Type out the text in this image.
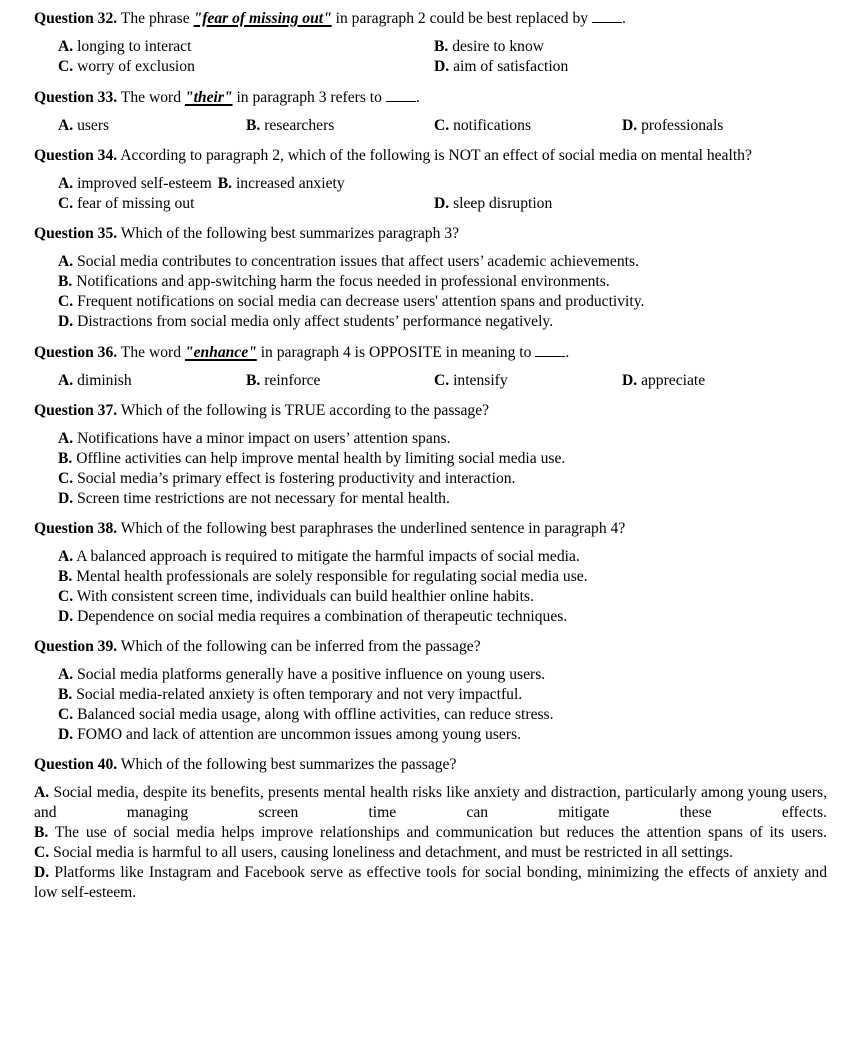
Question 32. The phrase "fear of missing out" in paragraph 2 could be best replaced by .

A. longing to interact	B. desire to know
C. worry of exclusion	D. aim of satisfaction

Question 33. The word "their" in paragraph 3 refers to .

A. users	B. researchers	C. notifications	D. professionals

Question 34. According to paragraph 2, which of the following is NOT an effect of social media on mental health?

A. improved self-esteem B. increased anxiety
C. fear of missing out	D. sleep disruption

Question 35. Which of the following best summarizes paragraph 3?

A. Social media contributes to concentration issues that affect users’ academic achievements.
B. Notifications and app-switching harm the focus needed in professional environments.
C. Frequent notifications on social media can decrease users' attention spans and productivity.
D. Distractions from social media only affect students’ performance negatively.

Question 36. The word "enhance" in paragraph 4 is OPPOSITE in meaning to .

A. diminish	B. reinforce	C. intensify	D. appreciate

Question 37. Which of the following is TRUE according to the passage?

A. Notifications have a minor impact on users’ attention spans.
B. Offline activities can help improve mental health by limiting social media use.
C. Social media’s primary effect is fostering productivity and interaction.
D. Screen time restrictions are not necessary for mental health.

Question 38. Which of the following best paraphrases the underlined sentence in paragraph 4?

A. A balanced approach is required to mitigate the harmful impacts of social media.
B. Mental health professionals are solely responsible for regulating social media use.
C. With consistent screen time, individuals can build healthier online habits.
D. Dependence on social media requires a combination of therapeutic techniques.

Question 39. Which of the following can be inferred from the passage?

A. Social media platforms generally have a positive influence on young users.
B. Social media-related anxiety is often temporary and not very impactful.
C. Balanced social media usage, along with offline activities, can reduce stress.
D. FOMO and lack of attention are uncommon issues among young users.

Question 40. Which of the following best summarizes the passage?

A. Social media, despite its benefits, presents mental health risks like anxiety and distraction, particularly among young users, and managing screen time can mitigate these effects.
B. The use of social media helps improve relationships and communication but reduces the attention spans of its users.
C. Social media is harmful to all users, causing loneliness and detachment, and must be restricted in all settings.
D. Platforms like Instagram and Facebook serve as effective tools for social bonding, minimizing the effects of anxiety and low self-esteem.
